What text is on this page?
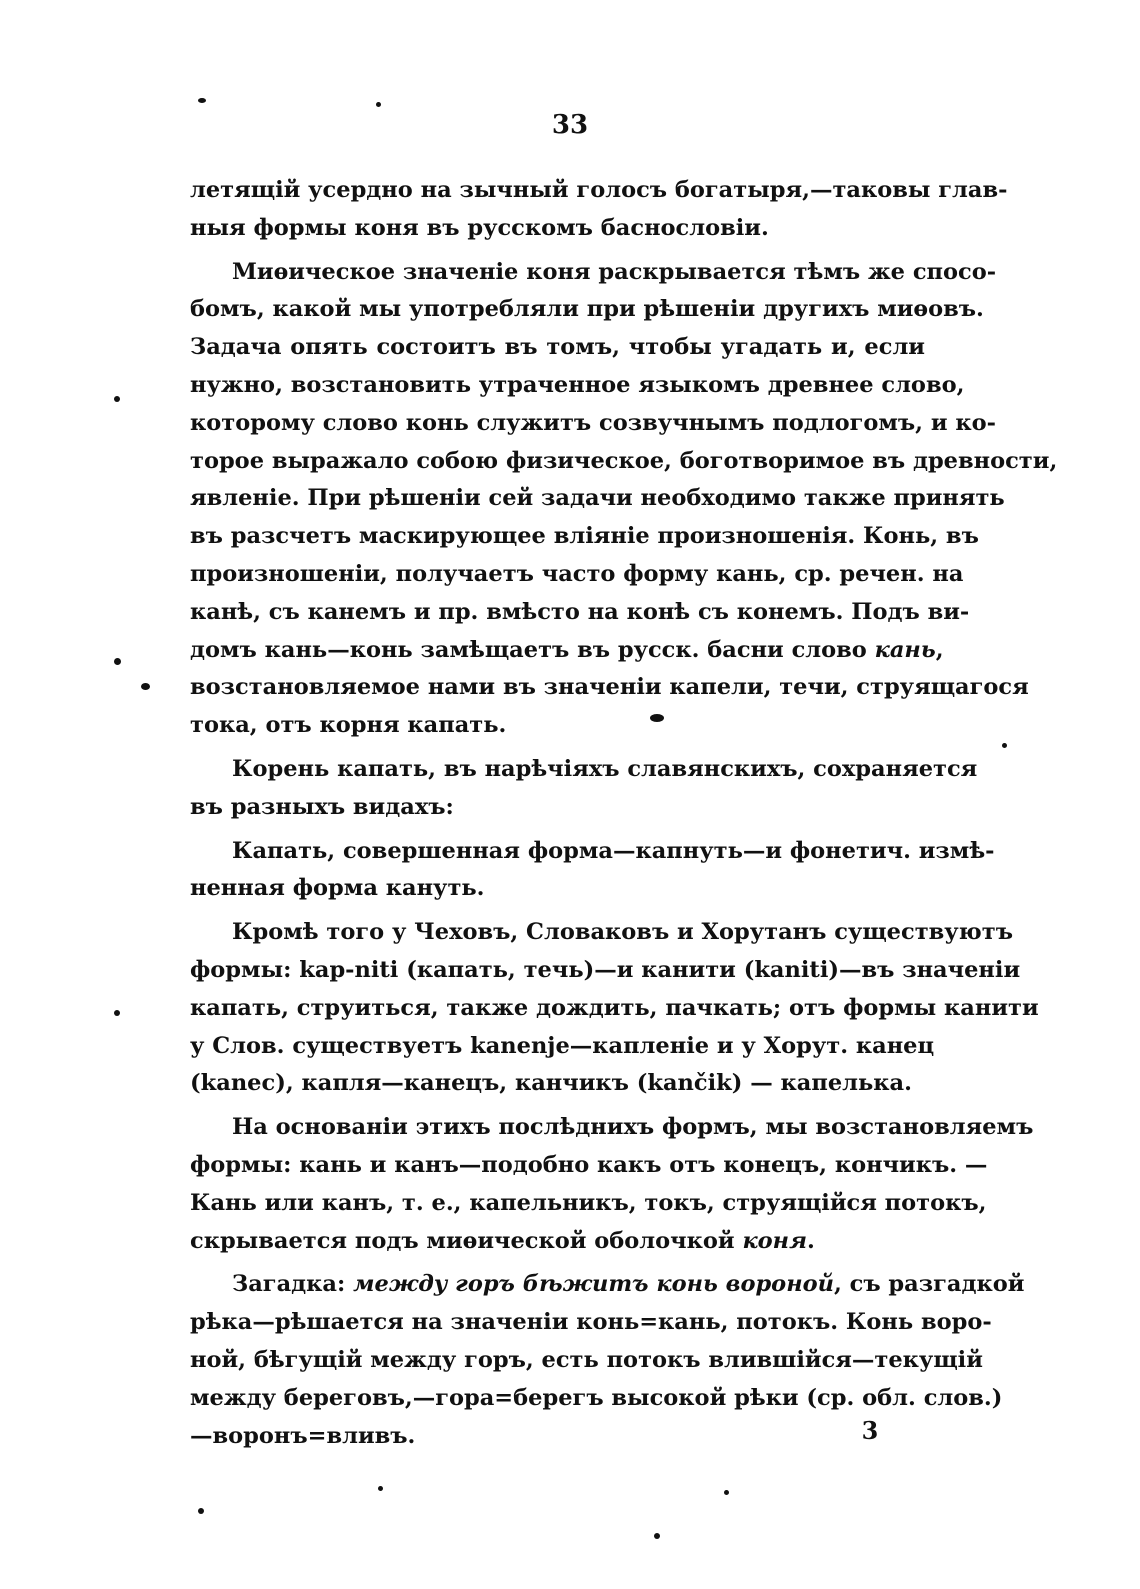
33
летящій усердно на зычный голосъ богатыря,—таковы глав-
ныя формы коня въ русскомъ баснословіи.
Миѳическое значеніе коня раскрывается тѣмъ же спосо-
бомъ, какой мы употребляли при рѣшеніи другихъ миѳовъ.
Задача опять состоитъ въ томъ, чтобы угадать и, если
нужно, возстановить утраченное языкомъ древнее слово,
которому слово конь служитъ созвучнымъ подлогомъ, и ко-
торое выражало собою физическое, боготворимое въ древности,
явленіе. При рѣшеніи сей задачи необходимо также принять
въ разсчетъ маскирующее вліяніе произношенія. Конь, въ
произношеніи, получаетъ часто форму кань, ср. речен. на
канѣ, съ канемъ и пр. вмѣсто на конѣ съ конемъ. Подъ ви-
домъ кань—конь замѣщаетъ въ русск. басни слово кань,
возстановляемое нами въ значеніи капели, течи, струящагося
тока, отъ корня капать.
Корень капать, въ нарѣчіяхъ славянскихъ, сохраняется
въ разныхъ видахъ:
Капать, совершенная форма—капнуть—и фонетич. измѣ-
ненная форма кануть.
Кромѣ того у Чеховъ, Словаковъ и Хорутанъ существуютъ
формы: kap-niti (капать, течь)—и канити (kaniti)—въ значеніи
капать, струиться, также дождить, пачкать; отъ формы канити
у Слов. существуетъ kanenje—капленіе и у Хорут. канец
(kanec), капля—канецъ, канчикъ (kančik) — капелька.
На основаніи этихъ послѣднихъ формъ, мы возстановляемъ
формы: кань и канъ—подобно какъ отъ конецъ, кончикъ. —
Кань или канъ, т. е., капельникъ, токъ, струящійся потокъ,
скрывается подъ миѳической оболочкой коня.
Загадка: между горъ бѣжитъ конь вороной, съ разгадкой
рѣка—рѣшается на значеніи конь=кань, потокъ. Конь воро-
ной, бѣгущій между горъ, есть потокъ влившійся—текущій
между береговъ,—гора=берегъ высокой рѣки (ср. обл. слов.)
—воронъ=вливъ.	3
